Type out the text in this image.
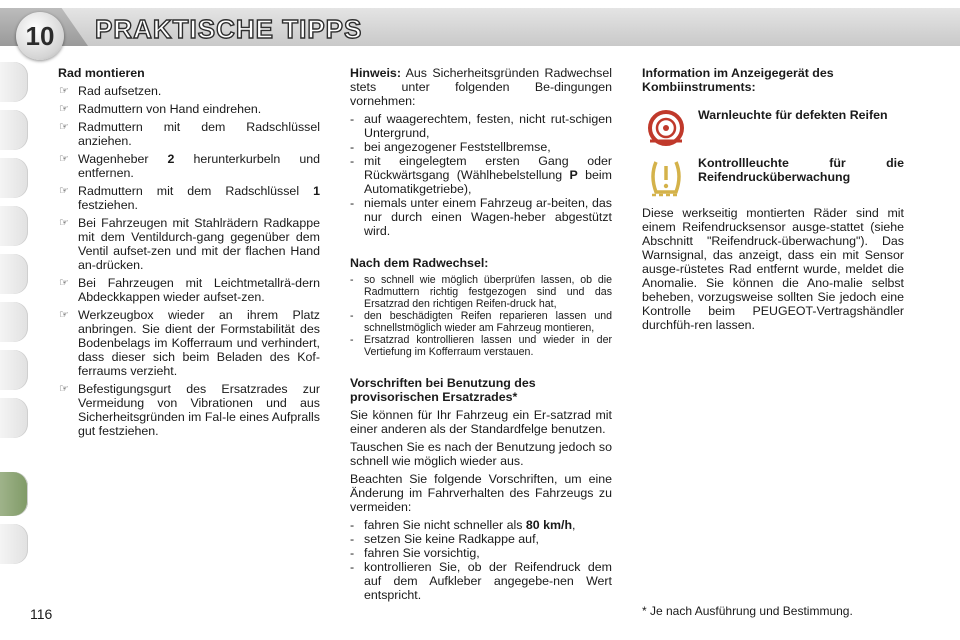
10	PRAKTISCHE TIPPS
Rad montieren
☞ Rad aufsetzen.
☞ Radmuttern von Hand eindrehen.
☞ Radmuttern mit dem Radschlüssel anziehen.
☞ Wagenheber 2 herunterkurbeln und entfernen.
☞ Radmuttern mit dem Radschlüssel 1 festziehen.
☞ Bei Fahrzeugen mit Stahlrädern Radkappe mit dem Ventildurch-gang gegenüber dem Ventil aufset-zen und mit der flachen Hand an-drücken.
☞ Bei Fahrzeugen mit Leichtmetallrä-dern Abdeckkappen wieder aufset-zen.
☞ Werkzeugbox wieder an ihrem Platz anbringen. Sie dient der Formstabilität des Bodenbelags im Kofferraum und verhindert, dass dieser sich beim Beladen des Kof-ferraums verzieht.
☞ Befestigungsgurt des Ersatzrades zur Vermeidung von Vibrationen und aus Sicherheitsgründen im Fal-le eines Aufpralls gut festziehen.

Hinweis: Aus Sicherheitsgründen Radwechsel stets unter folgenden Be-dingungen vornehmen:

- auf waagerechtem, festen, nicht rut-schigen Untergrund,
- bei angezogener Feststellbremse,
- mit eingelegtem ersten Gang oder Rückwärtsgang (Wählhebelstellung P beim Automatikgetriebe),
- niemals unter einem Fahrzeug ar-beiten, das nur durch einen Wagen-heber abgestützt wird.
Nach dem Radwechsel:
- so schnell wie möglich überprüfen lassen, ob die Radmuttern richtig festgezogen sind und das Ersatzrad den richtigen Reifen-druck hat,
- den beschädigten Reifen reparieren lassen und schnellstmöglich wieder am Fahrzeug montieren,
- Ersatzrad kontrollieren lassen und wieder in der Vertiefung im Kofferraum verstauen.
Vorschriften bei Benutzung des provisorischen Ersatzrades*

Sie können für Ihr Fahrzeug ein Er-satzrad mit einer anderen als der Standardfelge benutzen.

Tauschen Sie es nach der Benutzung jedoch so schnell wie möglich wieder aus.

Beachten Sie folgende Vorschriften, um eine Änderung im Fahrverhalten des Fahrzeugs zu vermeiden:

- fahren Sie nicht schneller als 80 km/h,
- setzen Sie keine Radkappe auf,
- fahren Sie vorsichtig,
- kontrollieren Sie, ob der Reifendruck dem auf dem Aufkleber angegebe-nen Wert entspricht.
Information im Anzeigegerät des Kombiinstruments:
Warnleuchte für defekten Reifen
Kontrollleuchte für die Reifendrucküberwachung

Diese werkseitig montierten Räder sind mit einem Reifendrucksensor ausge-stattet (siehe Abschnitt "Reifendruck-überwachung"). Das Warnsignal, das anzeigt, dass ein mit Sensor ausge-rüstetes Rad entfernt wurde, meldet die Anomalie. Sie können die Ano-malie selbst beheben, vorzugsweise sollten Sie jedoch eine Kontrolle beim PEUGEOT-Vertragshändler durchfüh-ren lassen.

116	* Je nach Ausführung und Bestimmung.
